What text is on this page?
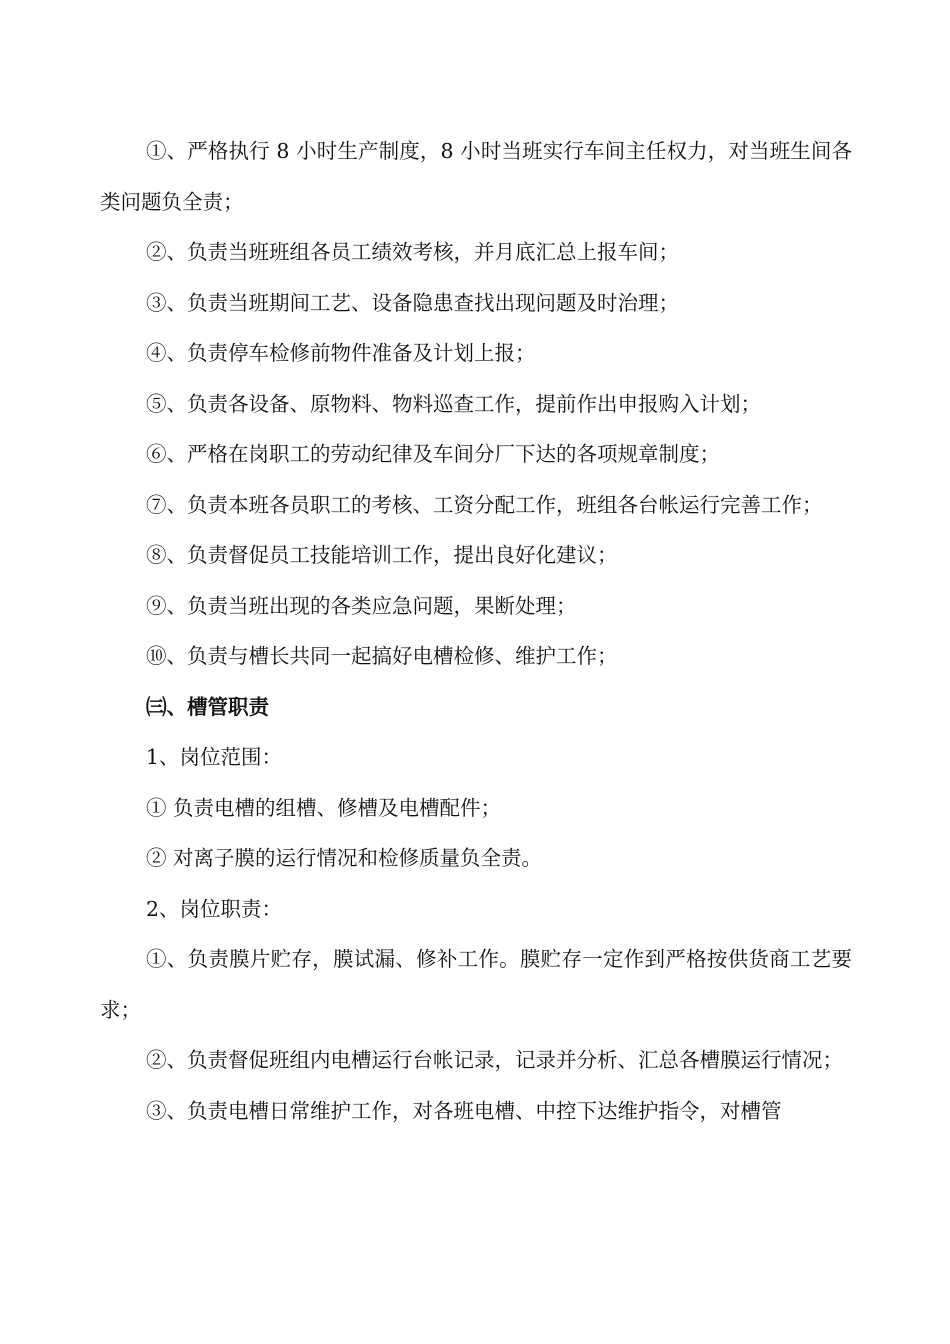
①、严格执行 8 小时生产制度，8 小时当班实行车间主任权力，对当班生间各类问题负全责；

②、负责当班班组各员工绩效考核，并月底汇总上报车间；

③、负责当班期间工艺、设备隐患查找出现问题及时治理；

④、负责停车检修前物件准备及计划上报；

⑤、负责各设备、原物料、物料巡查工作，提前作出申报购入计划；

⑥、严格在岗职工的劳动纪律及车间分厂下达的各项规章制度；

⑦、负责本班各员职工的考核、工资分配工作，班组各台帐运行完善工作；

⑧、负责督促员工技能培训工作，提出良好化建议；

⑨、负责当班出现的各类应急问题，果断处理；

⑩、负责与槽长共同一起搞好电槽检修、维护工作；

㈢、槽管职责

1、岗位范围：

① 负责电槽的组槽、修槽及电槽配件；

② 对离子膜的运行情况和检修质量负全责。

2、岗位职责：

①、负责膜片贮存，膜试漏、修补工作。膜贮存一定作到严格按供货商工艺要求；

②、负责督促班组内电槽运行台帐记录，记录并分析、汇总各槽膜运行情况；

③、负责电槽日常维护工作，对各班电槽、中控下达维护指令，对槽管
